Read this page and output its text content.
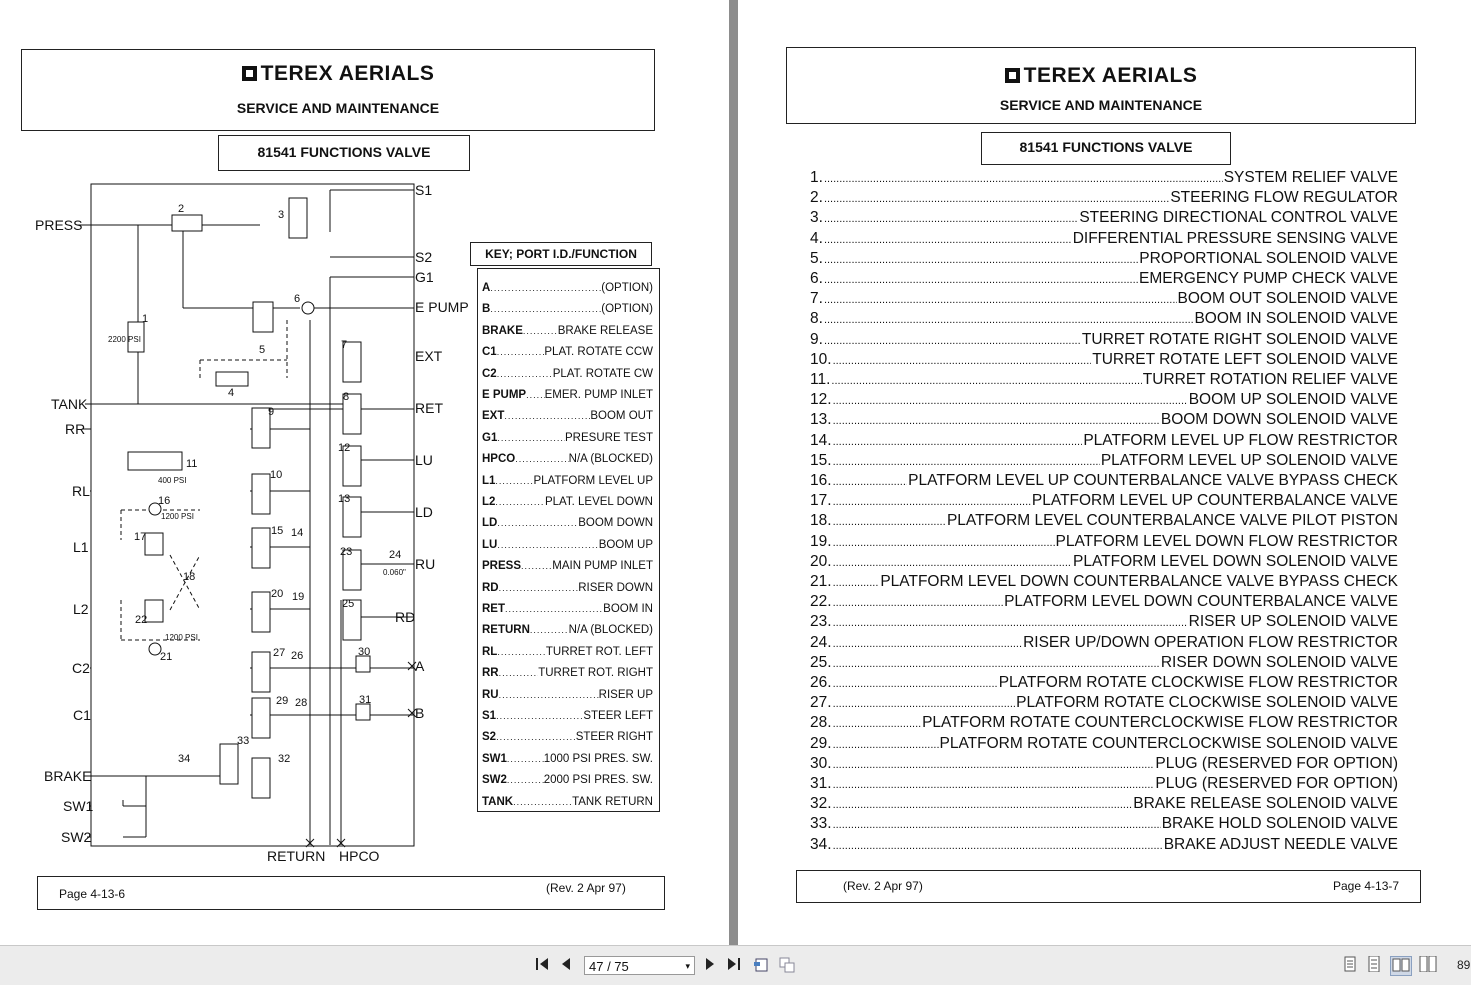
TEREX AERIALS
SERVICE AND MAINTENANCE
81541 FUNCTIONS VALVE
PRESS
TANK
RR
RL
L1
L2
C2
C1
BRAKE
SW1
SW2
S1
S2
G1
E PUMP
EXT
RET
LU
LD
RU
RD
A
B
RETURN HPCO
1
2	3
4
5
6
7
8
9
10
11
12
13
14
15
16
17
18
19
20
21
22
23	24
25
26
27
28
29
30
31
32
33
34
2200 PSI
400 PSI
1200 PSI
1200 PSI
0.060"
KEY; PORT I.D./FUNCTION
A .....	(OPTION)
B .....	(OPTION)
BRAKE .....	BRAKE RELEASE
C1 .....	PLAT. ROTATE CCW
C2 .....	PLAT. ROTATE CW
E PUMP ..... EMER. PUMP INLET
EXT .....	BOOM OUT
G1 .....	PRESURE TEST
HPCO .....	N/A (BLOCKED)
L1 .....	PLATFORM LEVEL UP
L2 .....	PLAT. LEVEL DOWN
LD .....	BOOM DOWN
LU .....	BOOM UP
PRESS .....	MAIN PUMP INLET
RD .....	RISER DOWN
RET .....	BOOM IN
RETURN .....	N/A (BLOCKED)
RL .....	TURRET ROT. LEFT
RR .....	TURRET ROT. RIGHT
RU .....	RISER UP
S1 .....	STEER LEFT
S2 .....	STEER RIGHT
SW1 .....	1000 PSI PRES. SW.
SW2 .....	2000 PSI PRES. SW.
TANK .....	TANK RETURN
Page 4-13-6	(Rev. 2 Apr 97)
TEREX AERIALS
SERVICE AND MAINTENANCE
81541 FUNCTIONS VALVE
(Rev. 2 Apr 97)	Page 4-13-7
1. .....	SYSTEM RELIEF VALVE
2. .....	STEERING FLOW REGULATOR
3. .....	STEERING DIRECTIONAL CONTROL VALVE
4. .....	DIFFERENTIAL PRESSURE SENSING VALVE
5. .....	PROPORTIONAL SOLENOID VALVE
6. .....	EMERGENCY PUMP CHECK VALVE
7. .....	BOOM OUT SOLENOID VALVE
8. .....	BOOM IN SOLENOID VALVE
9. .....	TURRET ROTATE RIGHT SOLENOID VALVE
10. .....	TURRET ROTATE LEFT SOLENOID VALVE
11. .....	TURRET ROTATION RELIEF VALVE
12. .....	BOOM UP SOLENOID VALVE
13. .....	BOOM DOWN SOLENOID VALVE
14. .....	PLATFORM LEVEL UP FLOW RESTRICTOR
15. .....	PLATFORM LEVEL UP SOLENOID VALVE
16. .....	PLATFORM LEVEL UP COUNTERBALANCE VALVE BYPASS CHECK
17. .....	PLATFORM LEVEL UP COUNTERBALANCE VALVE
18. .....	PLATFORM LEVEL COUNTERBALANCE VALVE PILOT PISTON
19. .....	PLATFORM LEVEL DOWN FLOW RESTRICTOR
20. .....	PLATFORM LEVEL DOWN SOLENOID VALVE
21. .....	PLATFORM LEVEL DOWN COUNTERBALANCE VALVE BYPASS CHECK
22. .....	PLATFORM LEVEL DOWN COUNTERBALANCE VALVE
23. .....	RISER UP SOLENOID VALVE
24. .....	RISER UP/DOWN OPERATION FLOW RESTRICTOR
25. .....	RISER DOWN SOLENOID VALVE
26. .....	PLATFORM ROTATE CLOCKWISE FLOW RESTRICTOR
27. .....	PLATFORM ROTATE CLOCKWISE SOLENOID VALVE
28. .....	PLATFORM ROTATE COUNTERCLOCKWISE FLOW RESTRICTOR
29. .....	PLATFORM ROTATE COUNTERCLOCKWISE SOLENOID VALVE
30. .....	PLUG (RESERVED FOR OPTION)
31. .....	PLUG (RESERVED FOR OPTION)
32. .....	BRAKE RELEASE SOLENOID VALVE
33. .....	BRAKE HOLD SOLENOID VALVE
34. .....	BRAKE ADJUST NEEDLE VALVE
47 / 75	▾	89
